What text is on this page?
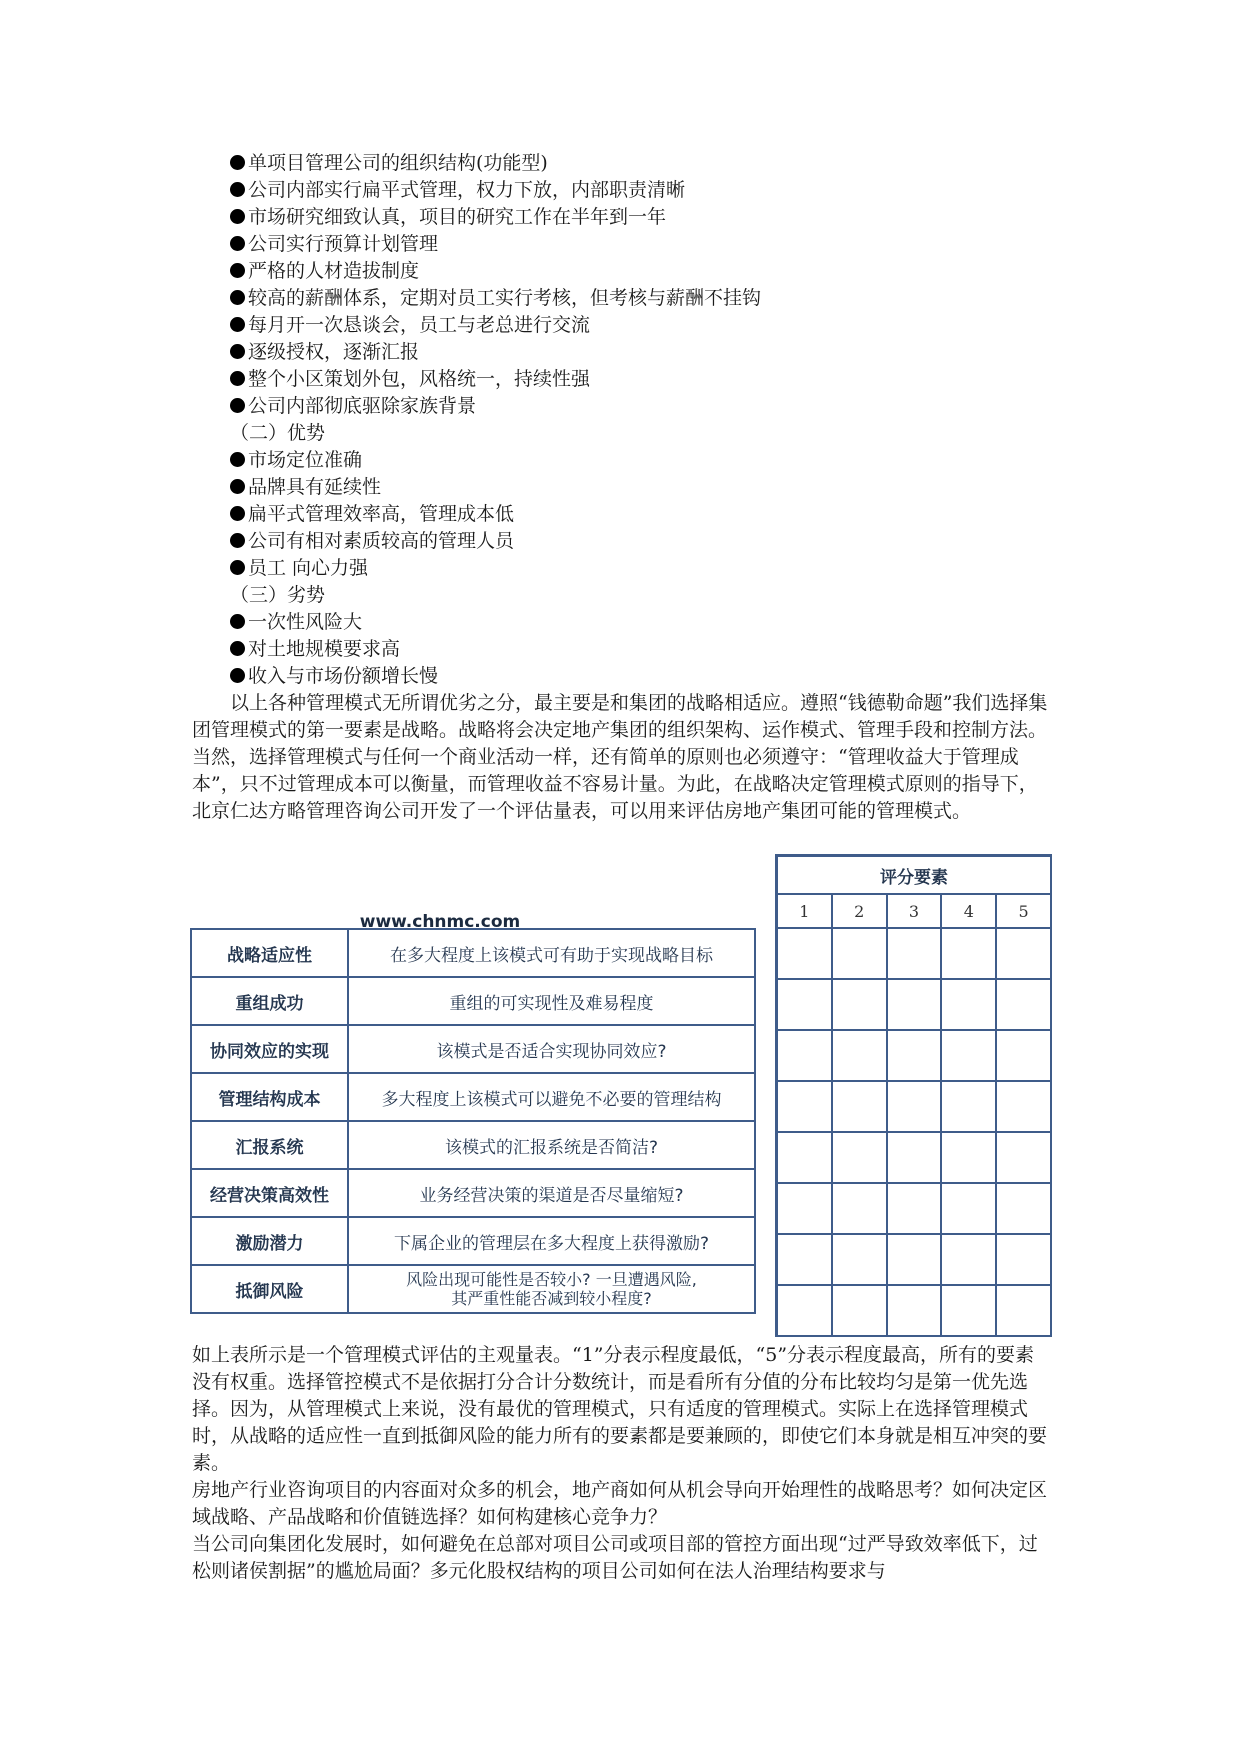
单项目管理公司的组织结构(功能型)
公司内部实行扁平式管理，权力下放，内部职责清晰
市场研究细致认真，项目的研究工作在半年到一年
公司实行预算计划管理
严格的人材造拔制度
较高的薪酬体系，定期对员工实行考核，但考核与薪酬不挂钩
每月开一次恳谈会，员工与老总进行交流
逐级授权，逐渐汇报
整个小区策划外包，风格统一，持续性强
公司内部彻底驱除家族背景
（二）优势
市场定位准确
品牌具有延续性
扁平式管理效率高，管理成本低
公司有相对素质较高的管理人员
员工 向心力强
（三）劣势
一次性风险大
对土地规模要求高
收入与市场份额增长慢

以上各种管理模式无所谓优劣之分，最主要是和集团的战略相适应。遵照“钱德勒命题”我们选择集团管理模式的第一要素是战略。战略将会决定地产集团的组织架构、运作模式、管理手段和控制方法。当然，选择管理模式与任何一个商业活动一样，还有简单的原则也必须遵守：“管理收益大于管理成本”，只不过管理成本可以衡量，而管理收益不容易计量。为此，在战略决定管理模式原则的指导下，北京仁达方略管理咨询公司开发了一个评估量表，可以用来评估房地产集团可能的管理模式。

www.chnmc.com
战略适应性	在多大程度上该模式可有助于实现战略目标
重组成功	重组的可实现性及难易程度
协同效应的实现	该模式是否适合实现协同效应?
管理结构成本	多大程度上该模式可以避免不必要的管理结构
汇报系统	该模式的汇报系统是否简洁?
经营决策高效性	业务经营决策的渠道是否尽量缩短?
激励潜力	下属企业的管理层在多大程度上获得激励?
抵御风险	风险出现可能性是否较小? 一旦遭遇风险,
其严重性能否减到较小程度?
评分要素				
1	2	3	4	5

如上表所示是一个管理模式评估的主观量表。“1”分表示程度最低，“5”分表示程度最高，所有的要素没有权重。选择管控模式不是依据打分合计分数统计，而是看所有分值的分布比较均匀是第一优先选择。因为，从管理模式上来说，没有最优的管理模式，只有适度的管理模式。实际上在选择管理模式时，从战略的适应性一直到抵御风险的能力所有的要素都是要兼顾的，即使它们本身就是相互冲突的要素。

房地产行业咨询项目的内容面对众多的机会，地产商如何从机会导向开始理性的战略思考？如何决定区域战略、产品战略和价值链选择？如何构建核心竞争力？

当公司向集团化发展时，如何避免在总部对项目公司或项目部的管控方面出现“过严导致效率低下，过松则诸侯割据”的尴尬局面？多元化股权结构的项目公司如何在法人治理结构要求与
